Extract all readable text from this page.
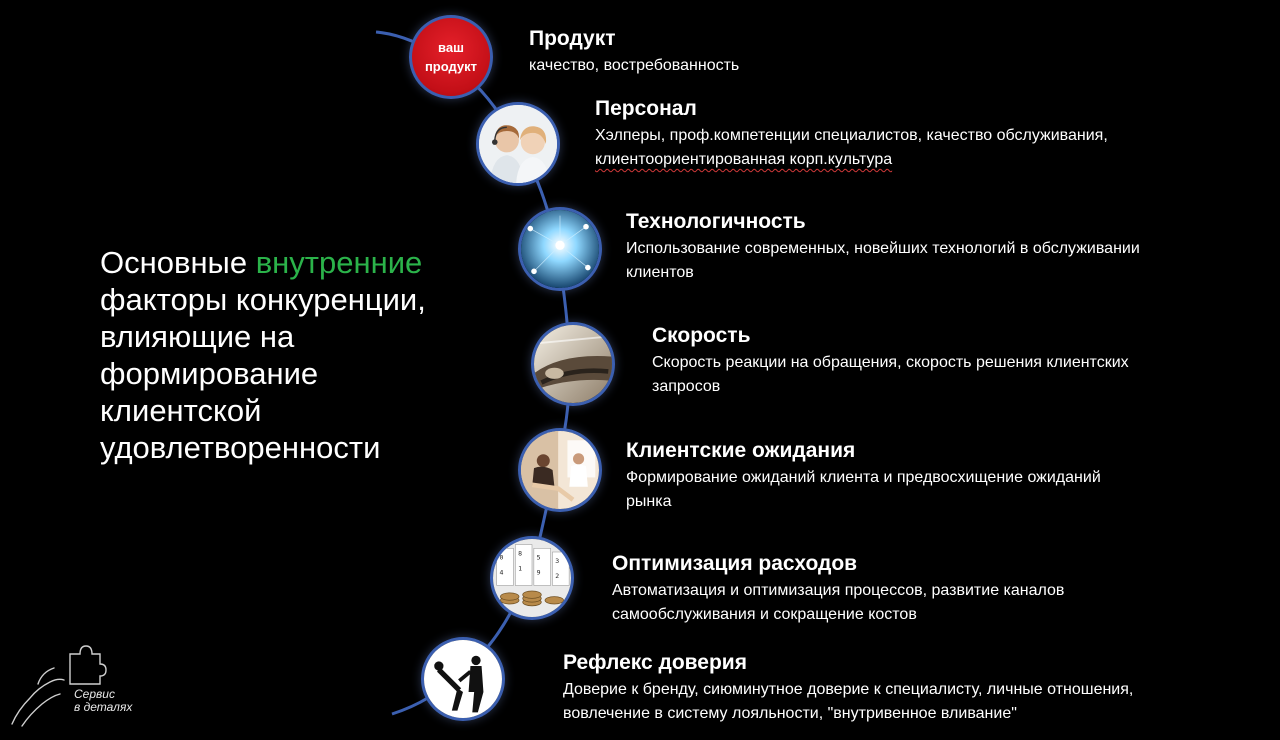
Основные внутренние факторы конкуренции, влияющие на формирование клиентской удовлетворенности
ваш
продукт
0 8 5 3
4 1 9 2
Продукт
качество, востребованность
Персонал
Хэлперы, проф.компетенции специалистов, качество обслуживания,
клиентоориентированная корп.культура
Технологичность
Использование современных, новейших технологий в обслуживании
клиентов
Скорость
Скорость реакции на обращения, скорость решения клиентских
запросов
Клиентские ожидания
Формирование ожиданий клиента и предвосхищение ожиданий
рынка
Оптимизация расходов
Автоматизация и оптимизация процессов, развитие каналов
самообслуживания и сокращение костов
Рефлекс доверия
Доверие к бренду, сиюминутное доверие к специалисту, личные отношения,
вовлечение в систему лояльности, "внутривенное вливание"
Сервис
в деталях
